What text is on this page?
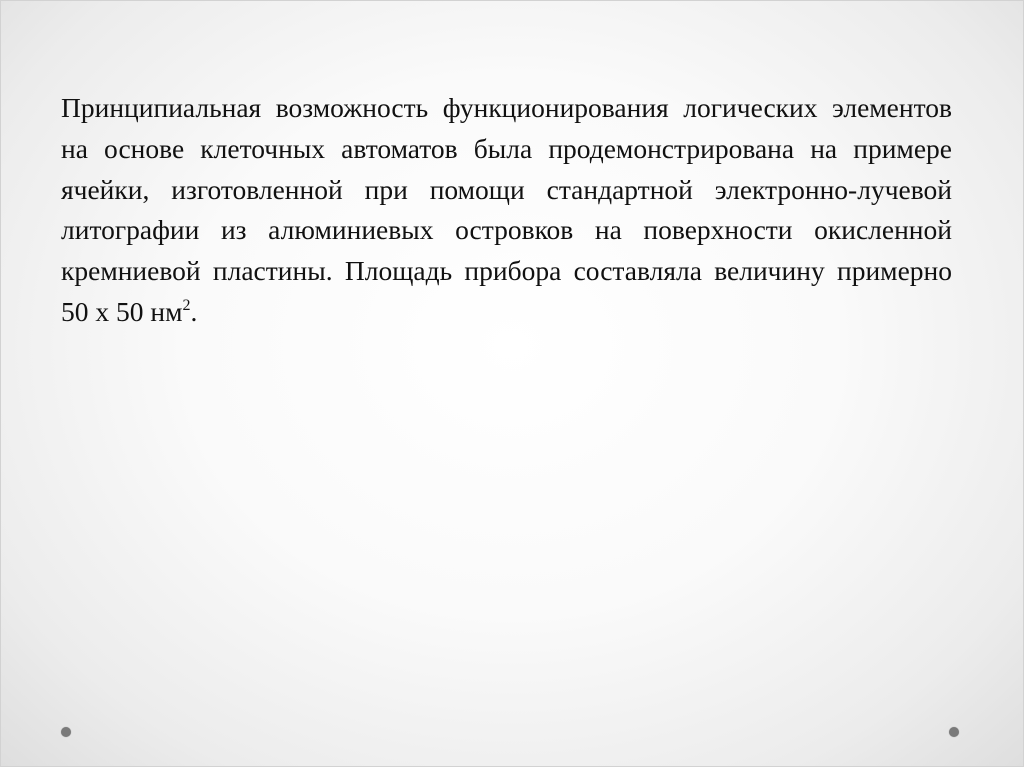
Принципиальная возможность функционирования логических элементов на основе клеточных автоматов была продемонстрирована на примере ячейки, изготовленной при помощи стандартной электронно-лучевой литографии из алюминиевых островков на поверхности окисленной кремниевой пластины. Площадь прибора составляла величину примерно 50 х 50 $нм^2$.
